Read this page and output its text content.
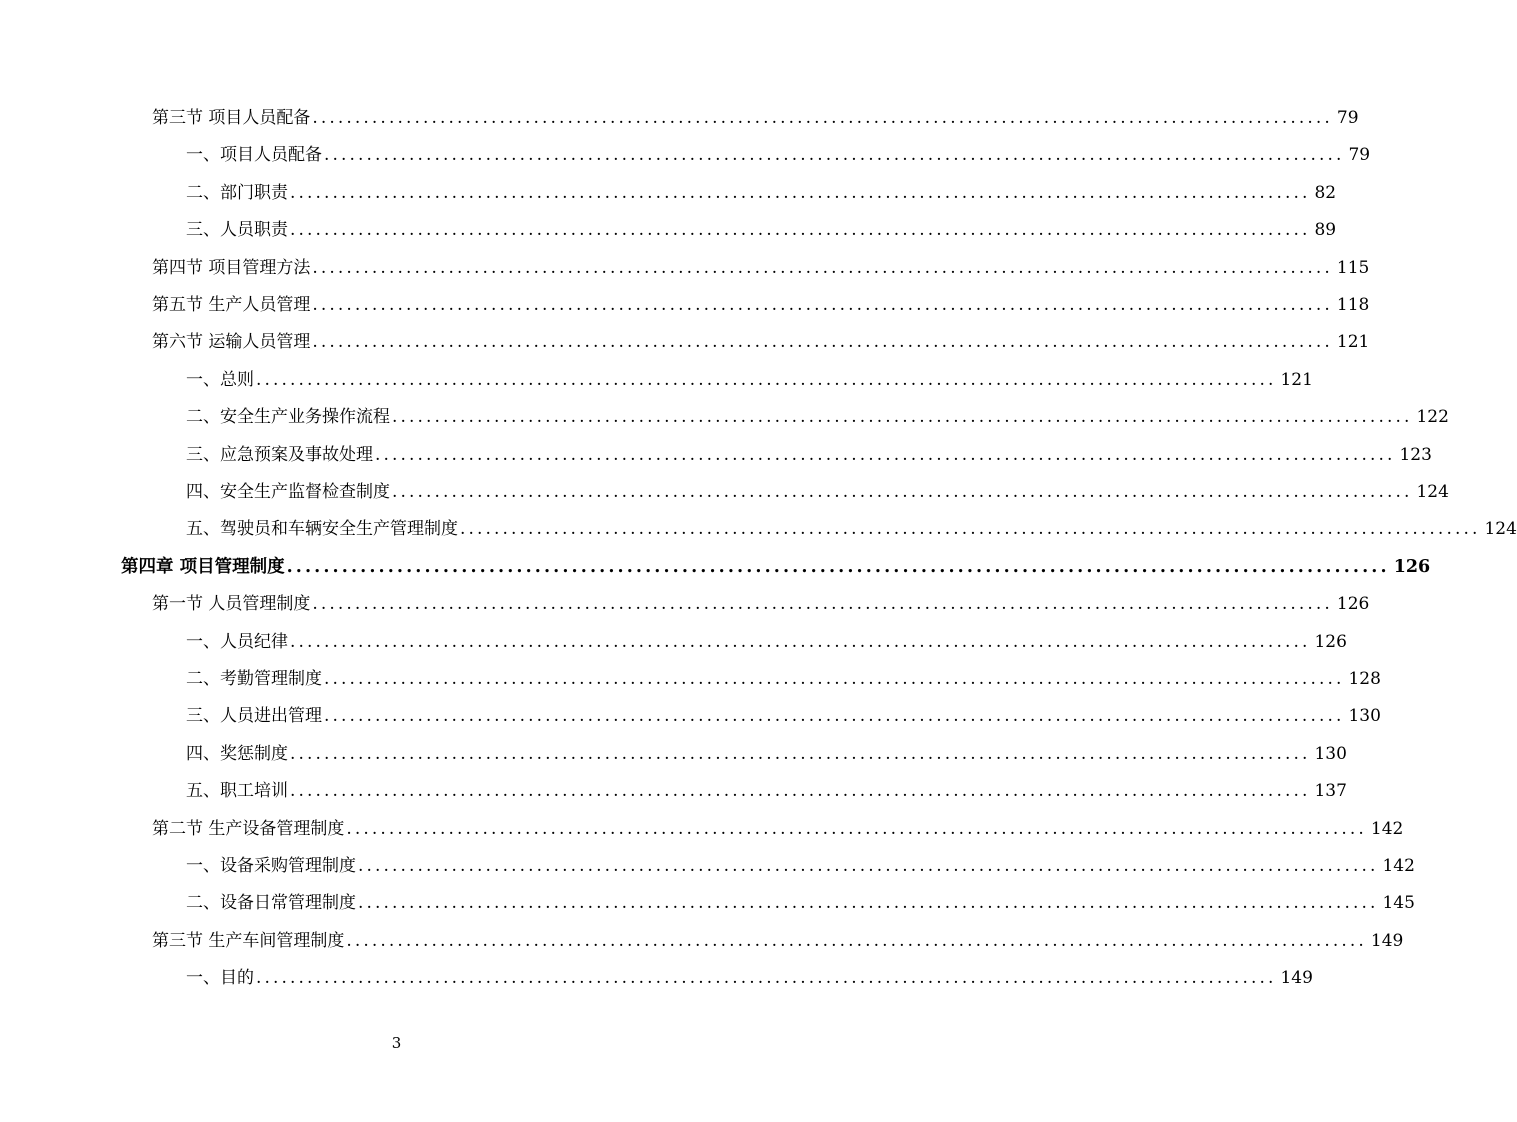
第三节 项目人员配备 ........................................................................................................................ 79
一、项目人员配备 ........................................................................................................................ 79
二、部门职责 ........................................................................................................................ 82
三、人员职责 ........................................................................................................................ 89
第四节 项目管理方法 ........................................................................................................................ 115
第五节 生产人员管理 ........................................................................................................................ 118
第六节 运输人员管理 ........................................................................................................................ 121
一、总则 ........................................................................................................................ 121
二、安全生产业务操作流程 ........................................................................................................................ 122
三、应急预案及事故处理 ........................................................................................................................ 123
四、安全生产监督检查制度 ........................................................................................................................ 124
五、驾驶员和车辆安全生产管理制度 ........................................................................................................................ 124
第四章 项目管理制度 ........................................................................................................................ 126
第一节 人员管理制度 ........................................................................................................................ 126
一、人员纪律 ........................................................................................................................ 126
二、考勤管理制度 ........................................................................................................................ 128
三、人员进出管理 ........................................................................................................................ 130
四、奖惩制度 ........................................................................................................................ 130
五、职工培训 ........................................................................................................................ 137
第二节 生产设备管理制度 ........................................................................................................................ 142
一、设备采购管理制度 ........................................................................................................................ 142
二、设备日常管理制度 ........................................................................................................................ 145
第三节 生产车间管理制度 ........................................................................................................................ 149
一、目的 ........................................................................................................................ 149
3
